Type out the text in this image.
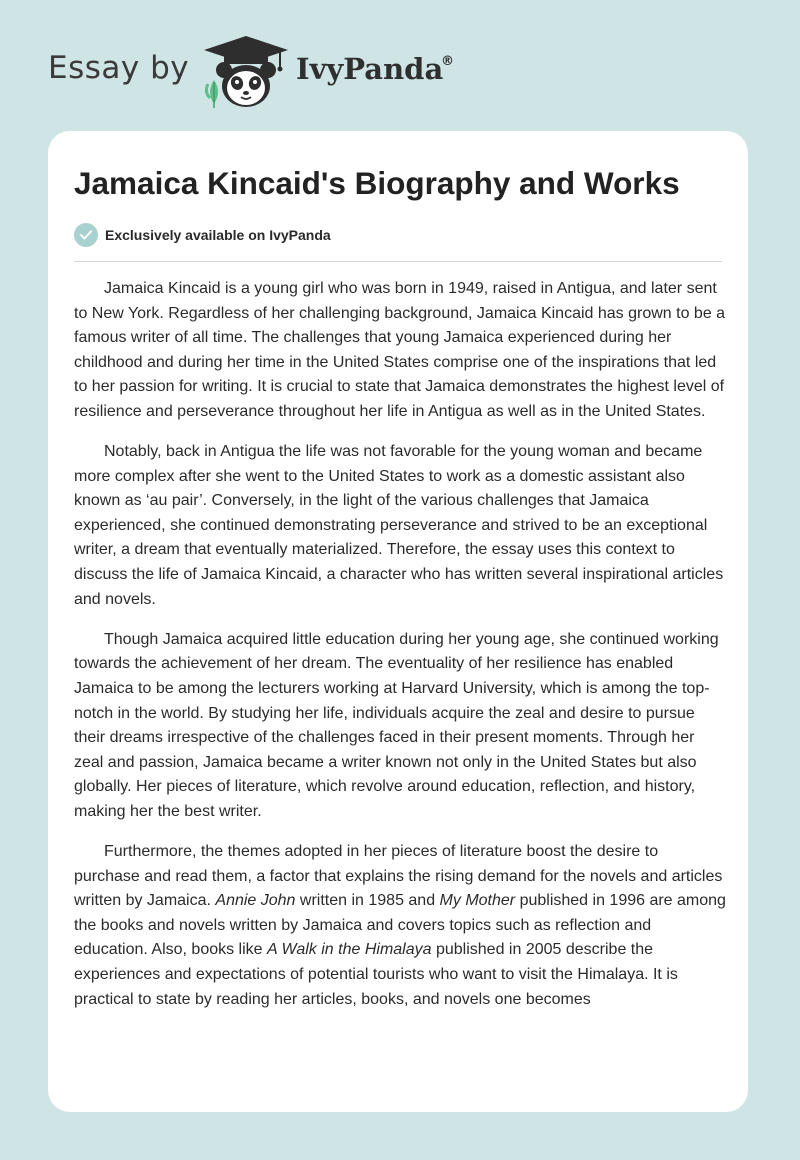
Essay by	IvyPanda
®
Jamaica Kincaid's Biography and Works
Exclusively available on IvyPanda

Jamaica Kincaid is a young girl who was born in 1949, raised in Antigua, and later sent to New York. Regardless of her challenging background, Jamaica Kincaid has grown to be a famous writer of all time. The challenges that young Jamaica experienced during her childhood and during her time in the United States comprise one of the inspirations that led to her passion for writing. It is crucial to state that Jamaica demonstrates the highest level of resilience and perseverance throughout her life in Antigua as well as in the United States.

Notably, back in Antigua the life was not favorable for the young woman and became more complex after she went to the United States to work as a domestic assistant also known as ‘au pair’. Conversely, in the light of the various challenges that Jamaica experienced, she continued demonstrating perseverance and strived to be an exceptional writer, a dream that eventually materialized. Therefore, the essay uses this context to discuss the life of Jamaica Kincaid, a character who has written several inspirational articles and novels.

Though Jamaica acquired little education during her young age, she continued working towards the achievement of her dream. The eventuality of her resilience has enabled Jamaica to be among the lecturers working at Harvard University, which is among the top-notch in the world. By studying her life, individuals acquire the zeal and desire to pursue their dreams irrespective of the challenges faced in their present moments. Through her zeal and passion, Jamaica became a writer known not only in the United States but also globally. Her pieces of literature, which revolve around education, reflection, and history, making her the best writer.

Furthermore, the themes adopted in her pieces of literature boost the desire to purchase and read them, a factor that explains the rising demand for the novels and articles written by Jamaica. Annie John written in 1985 and My Mother published in 1996 are among the books and novels written by Jamaica and covers topics such as reflection and education. Also, books like A Walk in the Himalaya published in 2005 describe the experiences and expectations of potential tourists who want to visit the Himalaya. It is practical to state by reading her articles, books, and novels one becomes
